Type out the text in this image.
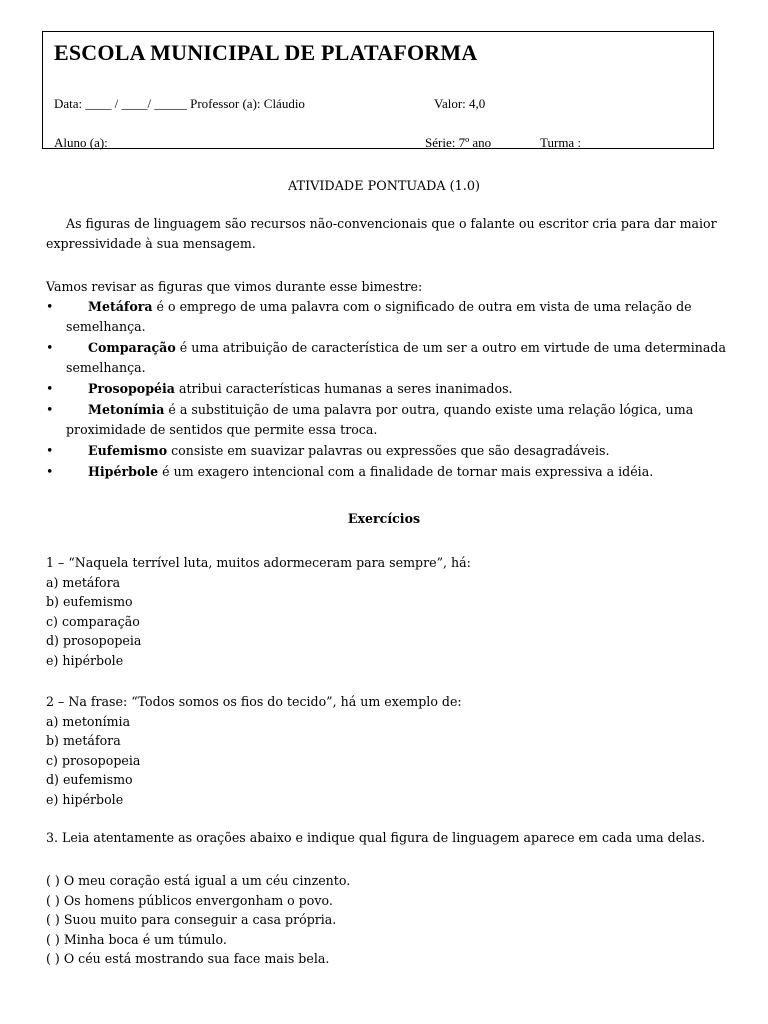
ESCOLA MUNICIPAL DE PLATAFORMA
Data: ____ / ____/ _____ Professor (a): Cláudio	Valor: 4,0
Aluno (a):	Série: 7º ano	Turma :
ATIVIDADE PONTUADA (1.0)
As figuras de linguagem são recursos não-convencionais que o falante ou escritor cria para dar maior expressividade à sua mensagem.
Vamos revisar as figuras que vimos durante esse bimestre:
•	Metáfora é o emprego de uma palavra com o significado de outra em vista de uma relação de semelhança.
•	Comparação é uma atribuição de característica de um ser a outro em virtude de uma determinada semelhança.
•	Prosopopéia atribui características humanas a seres inanimados.
•	Metonímia é a substituição de uma palavra por outra, quando existe uma relação lógica, uma proximidade de sentidos que permite essa troca.
•	Eufemismo consiste em suavizar palavras ou expressões que são desagradáveis.
•	Hipérbole é um exagero intencional com a finalidade de tornar mais expressiva a idéia.
Exercícios
1 – “Naquela terrível luta, muitos adormeceram para sempre”, há:
a) metáfora
b) eufemismo
c) comparação
d) prosopopeia
e) hipérbole
2 – Na frase: “Todos somos os fios do tecido”, há um exemplo de:
a) metonímia
b) metáfora
c) prosopopeia
d) eufemismo
e) hipérbole
3. Leia atentamente as orações abaixo e indique qual figura de linguagem aparece em cada uma delas.
( ) O meu coração está igual a um céu cinzento.
( ) Os homens públicos envergonham o povo.
( ) Suou muito para conseguir a casa própria.
( ) Minha boca é um túmulo.
( ) O céu está mostrando sua face mais bela.
